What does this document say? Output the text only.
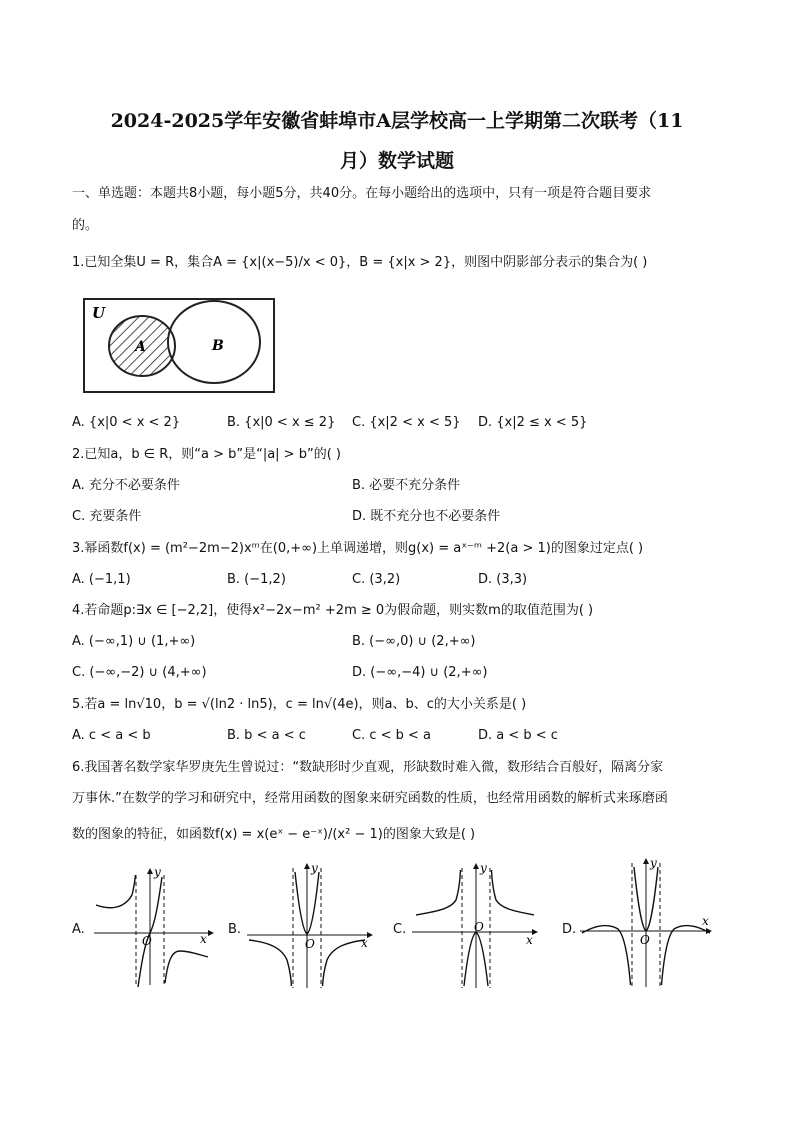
2024-2025学年安徽省蚌埠市A层学校高一上学期第二次联考（11
月）数学试题
一、单选题：本题共8小题，每小题5分，共40分。在每小题给出的选项中，只有一项是符合题目要求
的。
1.已知全集U = R，集合A = {x|(x−5)/x < 0}，B = {x|x > 2}，则图中阴影部分表示的集合为( )
U
A	B
A. {x|0 < x < 2}	B. {x|0 < x ≤ 2} C. {x|2 < x < 5} D. {x|2 ≤ x < 5}
2.已知a，b ∈ R，则“a > b”是“|a| > b”的( )
A. 充分不必要条件	B. 必要不充分条件
C. 充要条件	D. 既不充分也不必要条件
3.幂函数f(x) = (m²−2m−2)xᵐ在(0,+∞)上单调递增，则g(x) = aˣ⁻ᵐ +2(a > 1)的图象过定点( )
A. (−1,1)	B. (−1,2)	C. (3,2)	D. (3,3)
4.若命题p:∃x ∈ [−2,2]，使得x²−2x−m² +2m ≥ 0为假命题，则实数m的取值范围为( )
A. (−∞,1) ∪ (1,+∞)	B. (−∞,0) ∪ (2,+∞)
C. (−∞,−2) ∪ (4,+∞)	D. (−∞,−4) ∪ (2,+∞)
5.若a = ln√10，b = √(ln2 · ln5)，c = ln√(4e)，则a、b、c的大小关系是( )
A. c < a < b	B. b < a < c	C. c < b < a	D. a < b < c
6.我国著名数学家华罗庚先生曾说过：“数缺形时少直观，形缺数时难入微，数形结合百般好，隔离分家
万事休.”在数学的学习和研究中，经常用函数的图象来研究函数的性质，也经常用函数的解析式来琢磨函
数的图象的特征，如函数f(x) = x(eˣ − e⁻ˣ)/(x² − 1)的图象大致是( )
A.
y
x
O
B.
y
x
O
C.
y
x
O	D.
y
x
O
